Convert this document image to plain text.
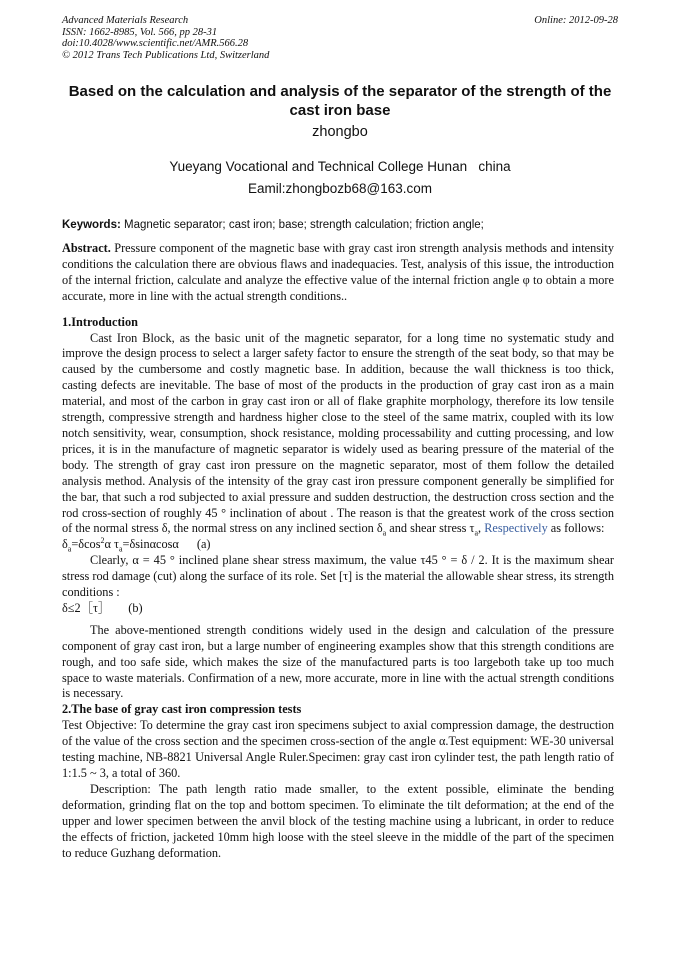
Advanced Materials Research
ISSN: 1662-8985, Vol. 566, pp 28-31
doi:10.4028/www.scientific.net/AMR.566.28
© 2012 Trans Tech Publications Ltd, Switzerland
Online: 2012-09-28
Based on the calculation and analysis of the separator of the strength of the cast iron base
zhongbo
Yueyang Vocational and Technical College Hunan   china
Eamil:zhongbozb68@163.com
Keywords: Magnetic separator; cast iron; base; strength calculation; friction angle;

Abstract. Pressure component of the magnetic base with gray cast iron strength analysis methods and intensity conditions the calculation there are obvious flaws and inadequacies. Test, analysis of this issue, the introduction of the internal friction, calculate and analyze the effective value of the internal friction angle φ to obtain a more accurate, more in line with the actual strength conditions..

1.Introduction

Cast Iron Block, as the basic unit of the magnetic separator, for a long time no systematic study and improve the design process to select a larger safety factor to ensure the strength of the seat body, so that may be caused by the cumbersome and costly magnetic base. In addition, because the wall thickness is too thick, casting defects are inevitable. The base of most of the products in the production of gray cast iron as a main material, and most of the carbon in gray cast iron or all of flake graphite morphology, therefore its low tensile strength, compressive strength and hardness higher close to the steel of the same matrix, coupled with its low notch sensitivity, wear, consumption, shock resistance, molding processability and cutting processing, and low prices, it is in the manufacture of magnetic separator is widely used as bearing pressure of the material of the body. The strength of gray cast iron pressure on the magnetic separator, most of them follow the detailed analysis method. Analysis of the intensity of the gray cast iron pressure component generally be simplified for the bar, that such a rod subjected to axial pressure and sudden destruction, the destruction cross section and the rod cross-section of roughly 45 ° inclination of about . The reason is that the greatest work of the cross section of the normal stress δ, the normal stress on any inclined section $\delta_a$ and shear stress $\tau_a$, Respectively as follows:

$\delta_a=\delta\cos^2\alpha$ $\tau_a=\delta\sin\alpha\cos\alpha$ (a)

Clearly, α = 45 ° inclined plane shear stress maximum, the value τ45 ° = δ / 2. It is the maximum shear stress rod damage (cut) along the surface of its role. Set [τ] is the material the allowable shear stress, its strength conditions :

δ≤2［τ］ (b)

The above-mentioned strength conditions widely used in the design and calculation of the pressure component of gray cast iron, but a large number of engineering examples show that this strength conditions are rough, and too safe side, which makes the size of the manufactured parts is too largeboth take up too much space to waste materials. Confirmation of a new, more accurate, more in line with the actual strength conditions is necessary.

2.The base of gray cast iron compression tests

Test Objective: To determine the gray cast iron specimens subject to axial compression damage, the destruction of the value of the cross section and the specimen cross-section of the angle α.Test equipment: WE-30 universal testing machine, NB-8821 Universal Angle Ruler.Specimen: gray cast iron cylinder test, the path length ratio of 1:1.5 ~ 3, a total of 360.

Description: The path length ratio made smaller, to the extent possible, eliminate the bending deformation, grinding flat on the top and bottom specimen. To eliminate the tilt deformation; at the end of the upper and lower specimen between the anvil block of the testing machine using a lubricant, in order to reduce the effects of friction, jacketed 10mm high loose with the steel sleeve in the middle of the part of the specimen to reduce Guzhang deformation.
